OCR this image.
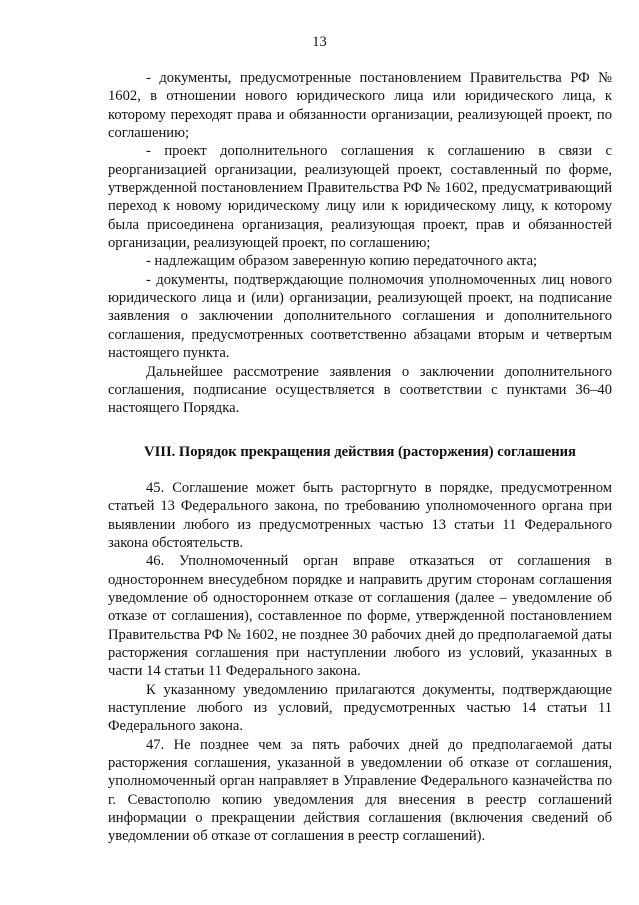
13

- документы, предусмотренные постановлением Правительства РФ № 1602, в отношении нового юридического лица или юридического лица, к которому переходят права и обязанности организации, реализующей проект, по соглашению;

- проект дополнительного соглашения к соглашению в связи с реорганизацией организации, реализующей проект, составленный по форме, утвержденной постановлением Правительства РФ № 1602, предусматривающий переход к новому юридическому лицу или к юридическому лицу, к которому была присоединена организация, реализующая проект, прав и обязанностей организации, реализующей проект, по соглашению;

- надлежащим образом заверенную копию передаточного акта;

- документы, подтверждающие полномочия уполномоченных лиц нового юридического лица и (или) организации, реализующей проект, на подписание заявления о заключении дополнительного соглашения и дополнительного соглашения, предусмотренных соответственно абзацами вторым и четвертым настоящего пункта.

Дальнейшее рассмотрение заявления о заключении дополнительного соглашения, подписание осуществляется в соответствии с пунктами 36–40 настоящего Порядка.

VIII. Порядок прекращения действия (расторжения) соглашения

45. Соглашение может быть расторгнуто в порядке, предусмотренном статьей 13 Федерального закона, по требованию уполномоченного органа при выявлении любого из предусмотренных частью 13 статьи 11 Федерального закона обстоятельств.

46. Уполномоченный орган вправе отказаться от соглашения в одностороннем внесудебном порядке и направить другим сторонам соглашения уведомление об одностороннем отказе от соглашения (далее – уведомление об отказе от соглашения), составленное по форме, утвержденной постановлением Правительства РФ № 1602, не позднее 30 рабочих дней до предполагаемой даты расторжения соглашения при наступлении любого из условий, указанных в части 14 статьи 11 Федерального закона.

К указанному уведомлению прилагаются документы, подтверждающие наступление любого из условий, предусмотренных частью 14 статьи 11 Федерального закона.

47. Не позднее чем за пять рабочих дней до предполагаемой даты расторжения соглашения, указанной в уведомлении об отказе от соглашения, уполномоченный орган направляет в Управление Федерального казначейства по г. Севастополю копию уведомления для внесения в реестр соглашений информации о прекращении действия соглашения (включения сведений об уведомлении об отказе от соглашения в реестр соглашений).
